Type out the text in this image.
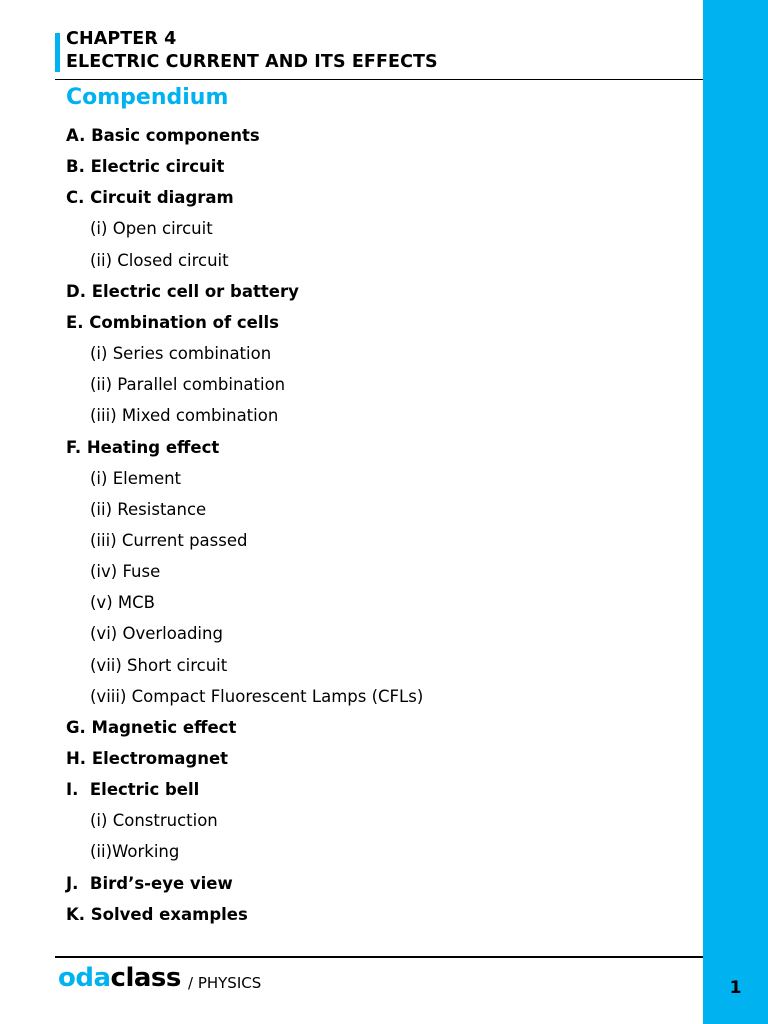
1
CHAPTER 4
ELECTRIC CURRENT AND ITS EFFECTS
Compendium
A. Basic components
B. Electric circuit
C. Circuit diagram
(i) Open circuit
(ii) Closed circuit
D. Electric cell or battery
E. Combination of cells
(i) Series combination
(ii) Parallel combination
(iii) Mixed combination
F. Heating effect
(i) Element
(ii) Resistance
(iii) Current passed
(iv) Fuse
(v) MCB
(vi) Overloading
(vii) Short circuit
(viii) Compact Fluorescent Lamps (CFLs)
G. Magnetic effect
H. Electromagnet
I.  Electric bell
(i) Construction
(ii)Working
J.  Bird’s-eye view
K. Solved examples
odaclass / PHYSICS
